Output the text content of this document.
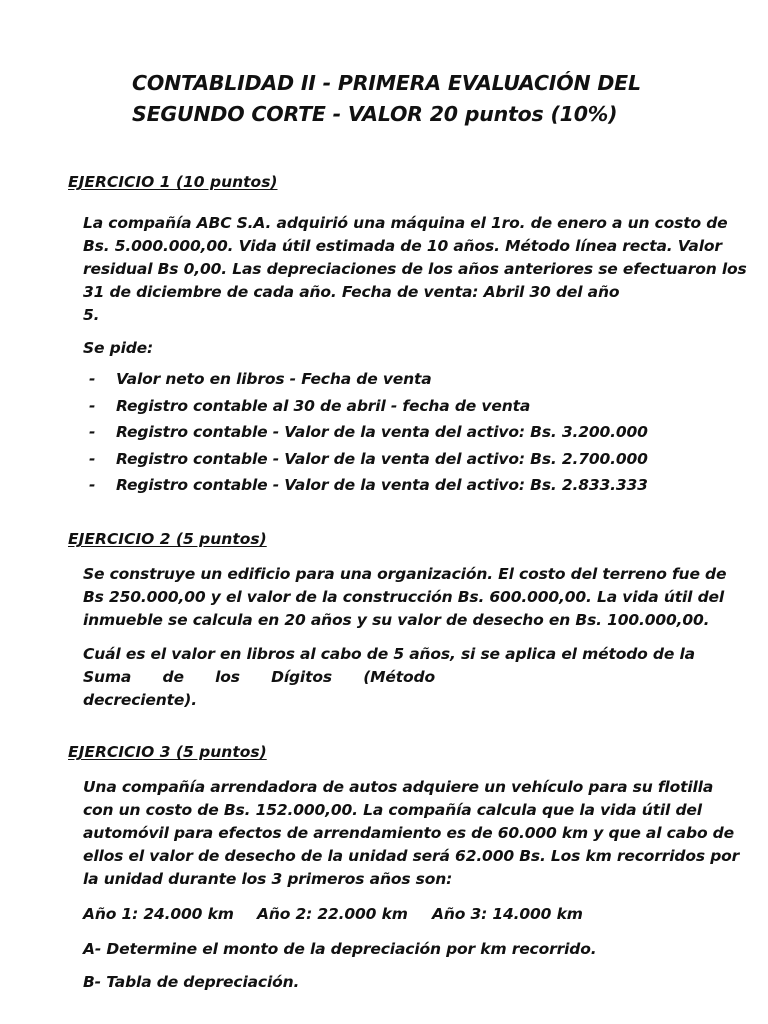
CONTABLIDAD II - PRIMERA EVALUACIÓN DEL
SEGUNDO CORTE - VALOR 20 puntos (10%)
EJERCICIO 1 (10 puntos)
La compañía ABC S.A. adquirió una máquina el 1ro. de enero a un costo de
Bs. 5.000.000,00. Vida útil estimada de 10 años. Método línea recta. Valor
residual Bs 0,00. Las depreciaciones de los años anteriores se efectuaron los
31 de diciembre de cada año. Fecha de venta: Abril 30 del año
5.
Se pide:
- Valor neto en libros - Fecha de venta
- Registro contable al 30 de abril - fecha de venta
- Registro contable - Valor de la venta del activo: Bs. 3.200.000
- Registro contable - Valor de la venta del activo: Bs. 2.700.000
- Registro contable - Valor de la venta del activo: Bs. 2.833.333
EJERCICIO 2 (5 puntos)
Se construye un edificio para una organización. El costo del terreno fue de
Bs 250.000,00 y el valor de la construcción Bs. 600.000,00. La vida útil del
inmueble se calcula en 20 años y su valor de desecho en Bs. 100.000,00.
Cuál es el valor en libros al cabo de 5 años, si se aplica el método de la
Suma de los Dígitos (Método
decreciente).
EJERCICIO 3 (5 puntos)
Una compañía arrendadora de autos adquiere un vehículo para su flotilla
con un costo de Bs. 152.000,00. La compañía calcula que la vida útil del
automóvil para efectos de arrendamiento es de 60.000 km y que al cabo de
ellos el valor de desecho de la unidad será 62.000 Bs. Los km recorridos por
la unidad durante los 3 primeros años son:
Año 1: 24.000 km Año 2: 22.000 km Año 3: 14.000 km
A- Determine el monto de la depreciación por km recorrido.
B- Tabla de depreciación.
